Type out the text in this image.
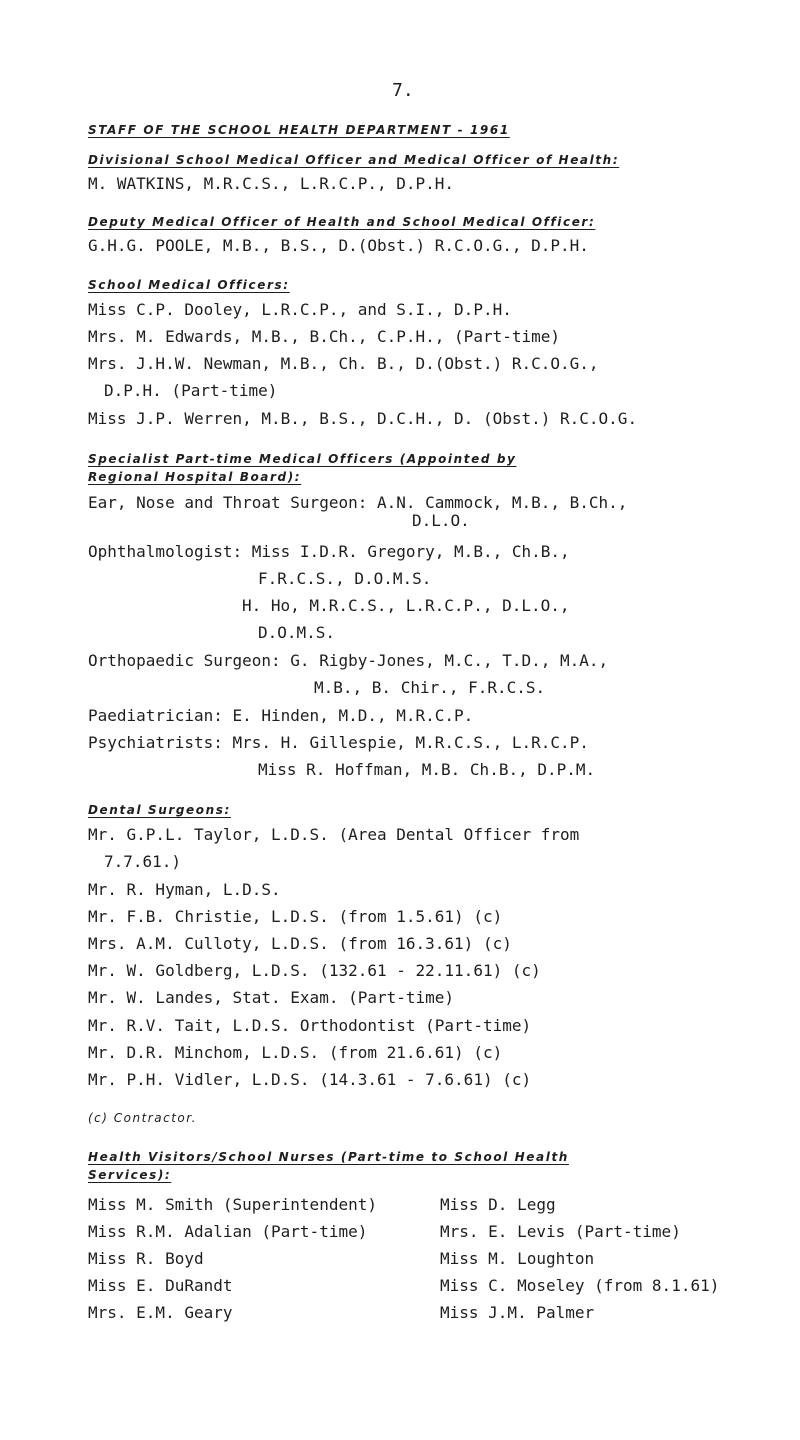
7.
STAFF OF THE SCHOOL HEALTH DEPARTMENT - 1961
Divisional School Medical Officer and Medical Officer of Health:
M. WATKINS, M.R.C.S., L.R.C.P., D.P.H.
Deputy Medical Officer of Health and School Medical Officer:
G.H.G. POOLE, M.B., B.S., D.(Obst.) R.C.O.G., D.P.H.
School Medical Officers:
Miss C.P. Dooley, L.R.C.P., and S.I., D.P.H.
Mrs. M. Edwards, M.B., B.Ch., C.P.H., (Part-time)
Mrs. J.H.W. Newman, M.B., Ch. B., D.(Obst.) R.C.O.G.,
D.P.H. (Part-time)
Miss J.P. Werren, M.B., B.S., D.C.H., D. (Obst.) R.C.O.G.
Specialist Part-time Medical Officers (Appointed by
Regional Hospital Board):
Ear, Nose and Throat Surgeon: A.N. Cammock, M.B., B.Ch.,
D.L.O.
Ophthalmologist: Miss I.D.R. Gregory, M.B., Ch.B.,
F.R.C.S., D.O.M.S.
H. Ho, M.R.C.S., L.R.C.P., D.L.O.,
D.O.M.S.
Orthopaedic Surgeon: G. Rigby-Jones, M.C., T.D., M.A.,
M.B., B. Chir., F.R.C.S.
Paediatrician: E. Hinden, M.D., M.R.C.P.
Psychiatrists: Mrs. H. Gillespie, M.R.C.S., L.R.C.P.
Miss R. Hoffman, M.B. Ch.B., D.P.M.
Dental Surgeons:
Mr. G.P.L. Taylor, L.D.S. (Area Dental Officer from
7.7.61.)
Mr. R. Hyman, L.D.S.
Mr. F.B. Christie, L.D.S. (from 1.5.61) (c)
Mrs. A.M. Culloty, L.D.S. (from 16.3.61) (c)
Mr. W. Goldberg, L.D.S. (132.61 - 22.11.61) (c)
Mr. W. Landes, Stat. Exam. (Part-time)
Mr. R.V. Tait, L.D.S. Orthodontist (Part-time)
Mr. D.R. Minchom, L.D.S. (from 21.6.61) (c)
Mr. P.H. Vidler, L.D.S. (14.3.61 - 7.6.61) (c)
(c) Contractor.
Health Visitors/School Nurses (Part-time to School Health
Services):
Miss M. Smith (Superintendent)
Miss R.M. Adalian (Part-time)
Miss R. Boyd
Miss E. DuRandt
Mrs. E.M. Geary
Miss D. Legg
Mrs. E. Levis (Part-time)
Miss M. Loughton
Miss C. Moseley (from 8.1.61)
Miss J.M. Palmer
